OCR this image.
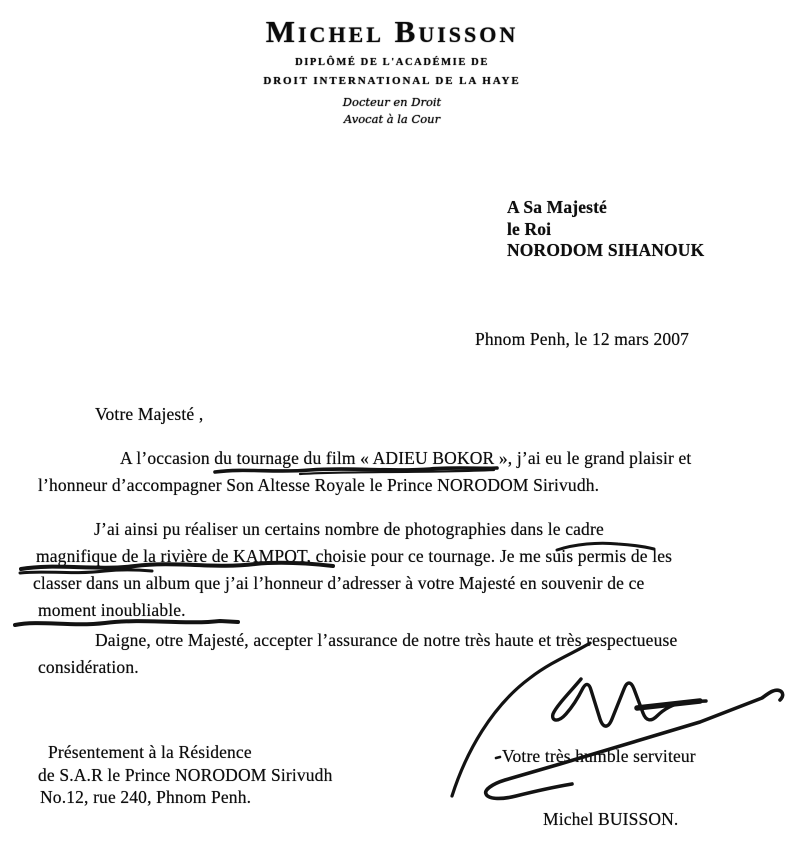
Michel Buisson
DIPLÔMÉ DE L'ACADÉMIE DE
DROIT INTERNATIONAL DE LA HAYE
Docteur en Droit
Avocat à la Cour
A Sa Majesté
le Roi
NORODOM SIHANOUK
Phnom Penh, le 12 mars 2007
Votre Majesté ,
A l’occasion du tournage du film « ADIEU BOKOR », j’ai eu le grand plaisir et
l’honneur d’accompagner Son Altesse Royale le Prince NORODOM Sirivudh.
J’ai ainsi pu réaliser un certains nombre de photographies dans le cadre
magnifique de la rivière de KAMPOT, choisie pour ce tournage. Je me suis permis de les
classer dans un album que j’ai l’honneur d’adresser à votre Majesté en souvenir de ce
moment inoubliable.
Daigne, otre Majesté, accepter l’assurance de notre très haute et très respectueuse
considération.
Votre très humble serviteur
Michel BUISSON.
Présentement à la Résidence
de S.A.R le Prince NORODOM Sirivudh
No.12, rue 240, Phnom Penh.
